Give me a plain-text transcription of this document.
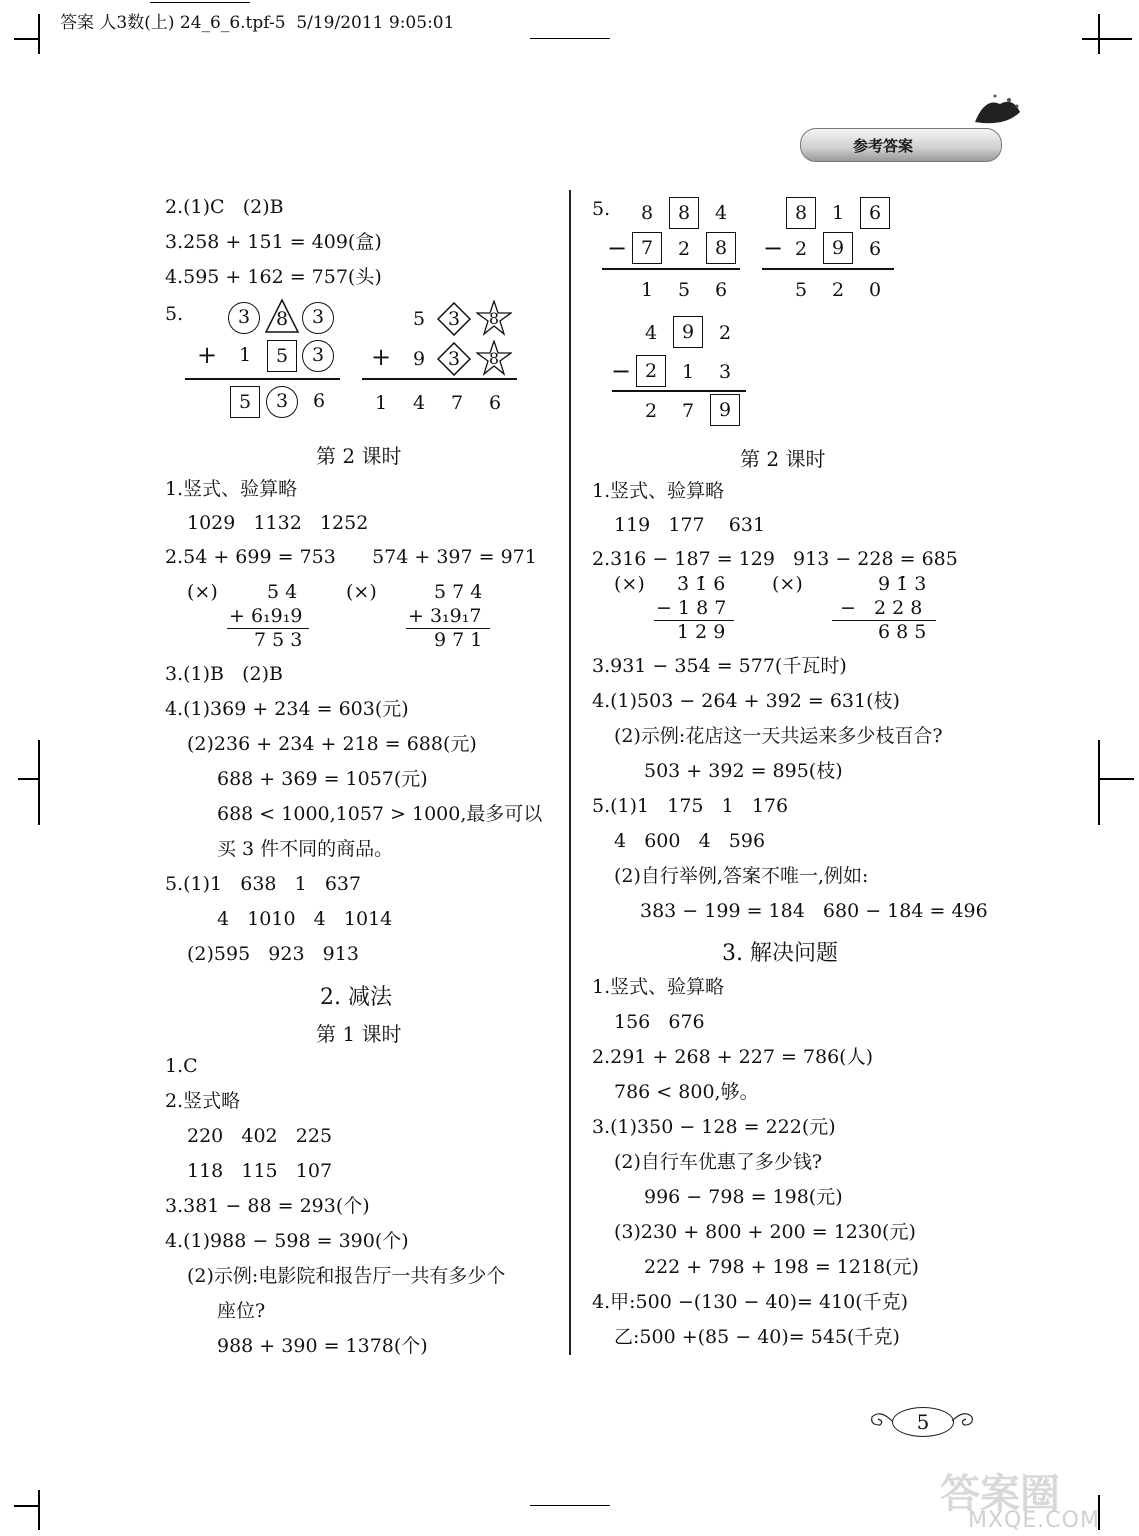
答案 人3数(上) 24_6_6.tpf-5  5/19/2011 9:05:01
参考答案
2.(1)C   (2)B
3.258 + 151 = 409(盒)
4.595 + 162 = 757(头)
5.	3	8	3
+	1	5	3
5	3	6
5	3	8
+	9	3	8
1	4	7	6
第 2 课时
1.竖式、验算略
1029   1132   1252
2.54 + 699 = 753      574 + 397 = 971
(×)	5 4
+ 6₁9₁9
7 5 3
(×)	5 7 4
+ 3₁9₁7
9 7 1
3.(1)B   (2)B
4.(1)369 + 234 = 603(元)
(2)236 + 234 + 218 = 688(元)
688 + 369 = 1057(元)
688 < 1000,1057 > 1000,最多可以
买 3 件不同的商品。
5.(1)1   638   1   637
4   1010   4   1014
(2)595   923   913
2. 减法
第 1 课时
1.C
2.竖式略
220   402   225
118   115   107
3.381 − 88 = 293(个)
4.(1)988 − 598 = 390(个)
(2)示例:电影院和报告厅一共有多少个
座位?
988 + 390 = 1378(个)
5.	8	8	4
− 7	2	8
1	5	6
8	1	6
− 2	9	6
5	2	0
4	9	2
− 2	1	3
2	7	9
第 2 课时
1.竖式、验算略
119   177    631
2.316 − 187 = 129   913 − 228 = 685
(×) 3̇ 1̇ 6
− 1 8 7
1 2 9
(×)	9 1̇ 3
−   2 2 8
6 8 5
3.931 − 354 = 577(千瓦时)
4.(1)503 − 264 + 392 = 631(枝)
(2)示例:花店这一天共运来多少枝百合?
503 + 392 = 895(枝)
5.(1)1   175   1   176
4   600   4   596
(2)自行举例,答案不唯一,例如:
383 − 199 = 184   680 − 184 = 496
3. 解决问题
1.竖式、验算略
156   676
2.291 + 268 + 227 = 786(人)
786 < 800,够。
3.(1)350 − 128 = 222(元)
(2)自行车优惠了多少钱?
996 − 798 = 198(元)
(3)230 + 800 + 200 = 1230(元)
222 + 798 + 198 = 1218(元)
4.甲:500 −(130 − 40)= 410(千克)
乙:500 +(85 − 40)= 545(千克)
5
答案圈
MXQE.COM
